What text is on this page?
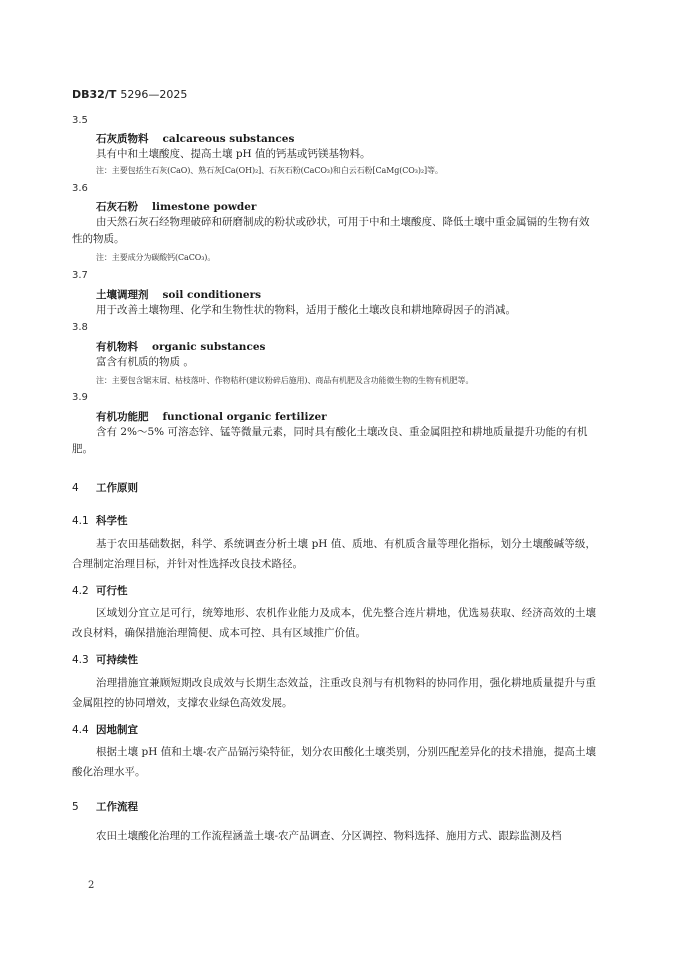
DB32/T 5296—2025
3.5
石灰质物料 calcareous substances
具有中和土壤酸度、提高土壤 pH 值的钙基或钙镁基物料。
注：主要包括生石灰(CaO)、熟石灰[Ca(OH)₂]、石灰石粉(CaCO₃)和白云石粉[CaMg(CO₃)₂]等。
3.6
石灰石粉 limestone powder
由天然石灰石经物理破碎和研磨制成的粉状或砂状，可用于中和土壤酸度、降低土壤中重金属镉的生物有效性的物质。
注：主要成分为碳酸钙(CaCO₃)。
3.7
土壤调理剂 soil conditioners
用于改善土壤物理、化学和生物性状的物料，适用于酸化土壤改良和耕地障碍因子的消减。
3.8
有机物料 organic substances
富含有机质的物质 。
注：主要包含锯末屑、枯枝落叶、作物秸秆(建议粉碎后施用)、商品有机肥及含功能微生物的生物有机肥等。
3.9
有机功能肥 functional organic fertilizer
含有 2%～5% 可溶态锌、锰等微量元素，同时具有酸化土壤改良、重金属阻控和耕地质量提升功能的有机肥。
4 工作原则
4.1 科学性
基于农田基础数据，科学、系统调查分析土壤 pH 值、质地、有机质含量等理化指标，划分土壤酸碱等级，合理制定治理目标，并针对性选择改良技术路径。
4.2 可行性
区域划分宜立足可行，统筹地形、农机作业能力及成本，优先整合连片耕地，优选易获取、经济高效的土壤改良材料，确保措施治理简便、成本可控、具有区域推广价值。
4.3 可持续性
治理措施宜兼顾短期改良成效与长期生态效益，注重改良剂与有机物料的协同作用，强化耕地质量提升与重金属阻控的协同增效，支撑农业绿色高效发展。
4.4 因地制宜
根据土壤 pH 值和土壤-农产品镉污染特征，划分农田酸化土壤类别，分别匹配差异化的技术措施，提高土壤酸化治理水平。
5 工作流程
农田土壤酸化治理的工作流程涵盖土壤-农产品调查、分区调控、物料选择、施用方式、跟踪监测及档
2
